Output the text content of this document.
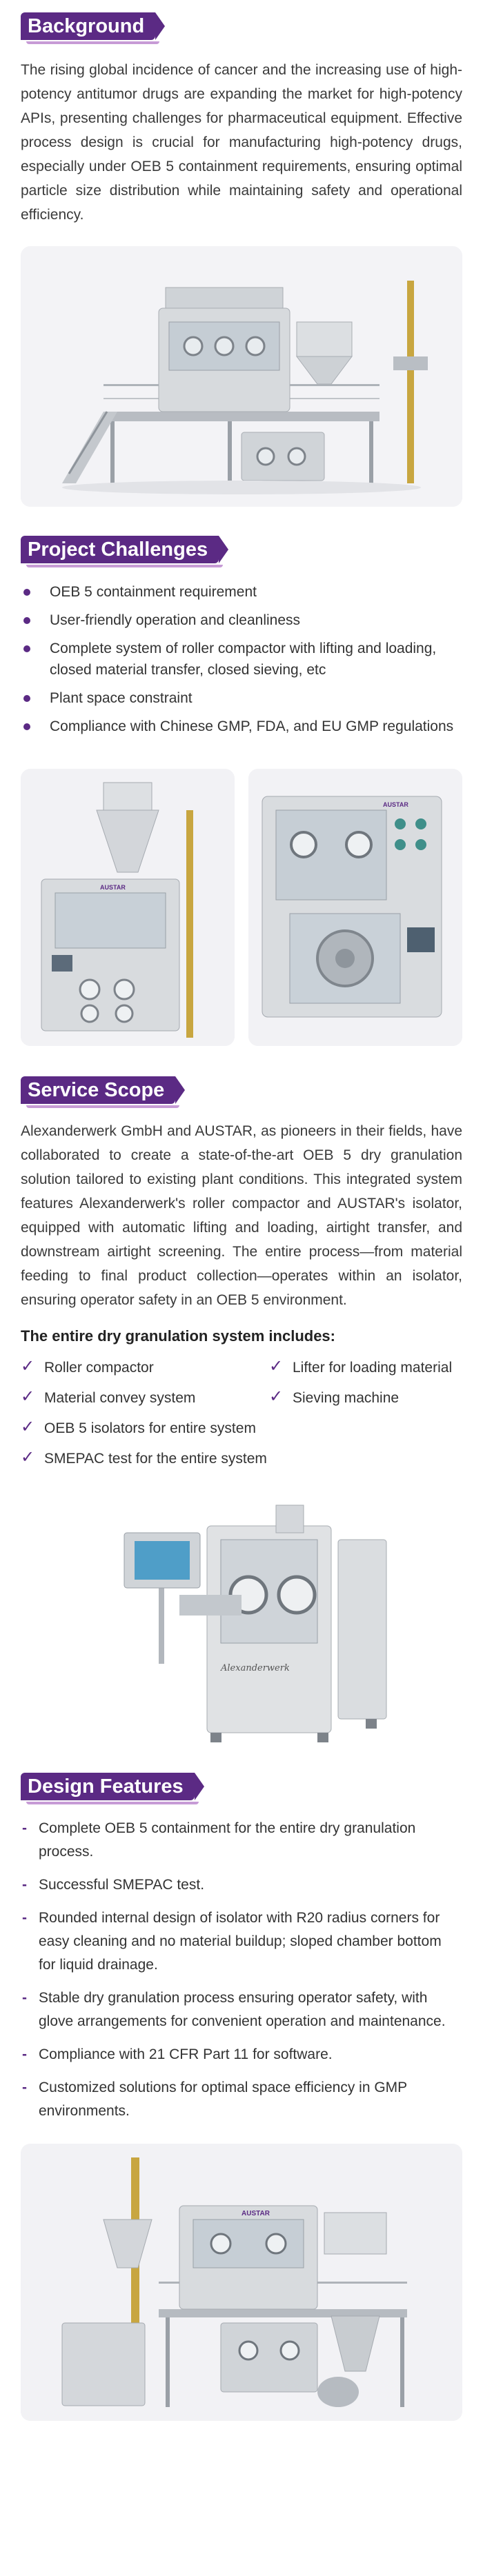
Background

The rising global incidence of cancer and the increasing use of high-potency antitumor drugs are expanding the market for high-potency APIs, presenting challenges for pharmaceutical equipment. Effective process design is crucial for manufacturing high-potency drugs, especially under OEB 5 containment requirements, ensuring optimal particle size distribution while maintaining safety and operational efficiency.

Project Challenges
OEB 5 containment requirement
User-friendly operation and cleanliness
Complete system of roller compactor with lifting and loading, closed material transfer, closed sieving, etc
Plant space constraint
Compliance with Chinese GMP, FDA, and EU GMP regulations
AUSTAR
AUSTAR
Service Scope

Alexanderwerk GmbH and AUSTAR, as pioneers in their fields, have collaborated to create a state-of-the-art OEB 5 dry granulation solution tailored to existing plant conditions. This integrated system features Alexanderwerk's roller compactor and AUSTAR's isolator, equipped with automatic lifting and loading, airtight transfer, and downstream airtight screening. The entire process—from material feeding to final product collection—operates within an isolator, ensuring operator safety in an OEB 5 environment.

The entire dry granulation system includes:
✓ Roller compactor	✓ Lifter for loading material
✓ Material convey system	✓ Sieving machine
✓ OEB 5 isolators for entire system
✓ SMEPAC test for the entire system
Alexanderwerk
Design Features
- Complete OEB 5 containment for the entire dry granulation process.
- Successful SMEPAC test.
- Rounded internal design of isolator with R20 radius corners for easy cleaning and no material buildup; sloped chamber bottom for liquid drainage.
- Stable dry granulation process ensuring operator safety, with glove arrangements for convenient operation and maintenance.
- Compliance with 21 CFR Part 11 for software.
- Customized solutions for optimal space efficiency in GMP environments.
AUSTAR
